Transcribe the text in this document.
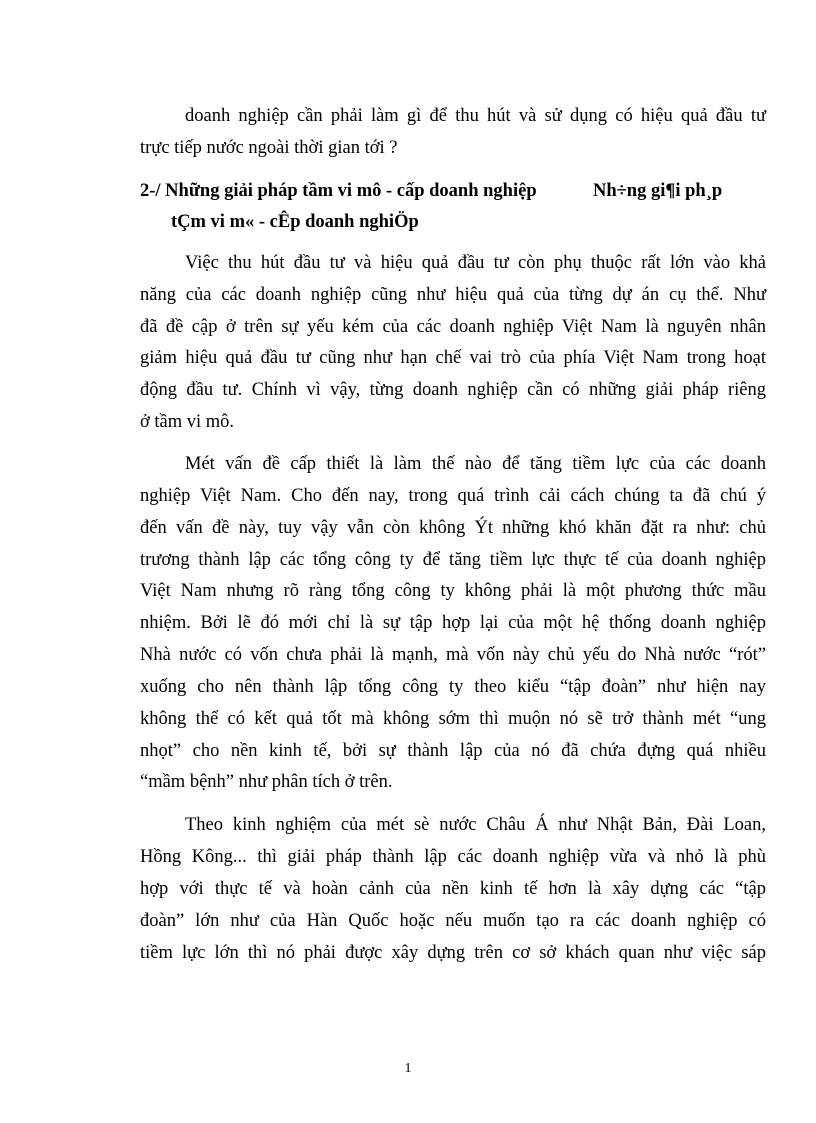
doanh nghiệp cần phải làm gì để thu hút và sử dụng có hiệu quả đầu tư
trực tiếp nước ngoài thời gian tới ?
2-/ Những giải pháp tầm vi mô - cấp doanh nghiệp	Nh÷ng gi¶i ph¸p
tÇm vi m« - cÊp doanh nghiÖp
Việc thu hút đầu tư và hiệu quả đầu tư còn phụ thuộc rất lớn vào khả
năng của các doanh nghiệp cũng như hiệu quả của từng dự án cụ thể. Như
đã đề cập ở trên sự yếu kém của các doanh nghiệp Việt Nam là nguyên nhân
giảm hiệu quả đầu tư cũng như hạn chế vai trò của phía Việt Nam trong hoạt
động đầu tư. Chính vì vậy, từng doanh nghiệp cần có những giải pháp riêng
ở tầm vi mô.
Mét vấn đề cấp thiết là làm thế nào để tăng tiềm lực của các doanh
nghiệp Việt Nam. Cho đến nay, trong quá trình cải cách chúng ta đã chú ý
đến vấn đề này, tuy vậy vẫn còn không Ýt những khó khăn đặt ra như: chủ
trương thành lập các tổng công ty để tăng tiềm lực thực tế của doanh nghiệp
Việt Nam nhưng rõ ràng tổng công ty không phải là một phương thức mầu
nhiệm. Bởi lẽ đó mới chỉ là sự tập hợp lại của một hệ thống doanh nghiệp
Nhà nước có vốn chưa phải là mạnh, mà vốn này chủ yếu do Nhà nước “rót”
xuống cho nên thành lập tổng công ty theo kiểu “tập đoàn” như hiện nay
không thể có kết quả tốt mà không sớm thì muộn nó sẽ trở thành mét “ung
nhọt” cho nền kinh tế, bởi sự thành lập của nó đã chứa đựng quá nhiều
“mầm bệnh” như phân tích ở trên.
Theo kinh nghiệm của mét sè nước Châu Á như Nhật Bản, Đài Loan,
Hồng Kông... thì giải pháp thành lập các doanh nghiệp vừa và nhỏ là phù
hợp với thực tế và hoàn cảnh của nền kinh tế hơn là xây dựng các “tập
đoàn” lớn như của Hàn Quốc hoặc nếu muốn tạo ra các doanh nghiệp có
tiềm lực lớn thì nó phải được xây dựng trên cơ sở khách quan như việc sáp
1
